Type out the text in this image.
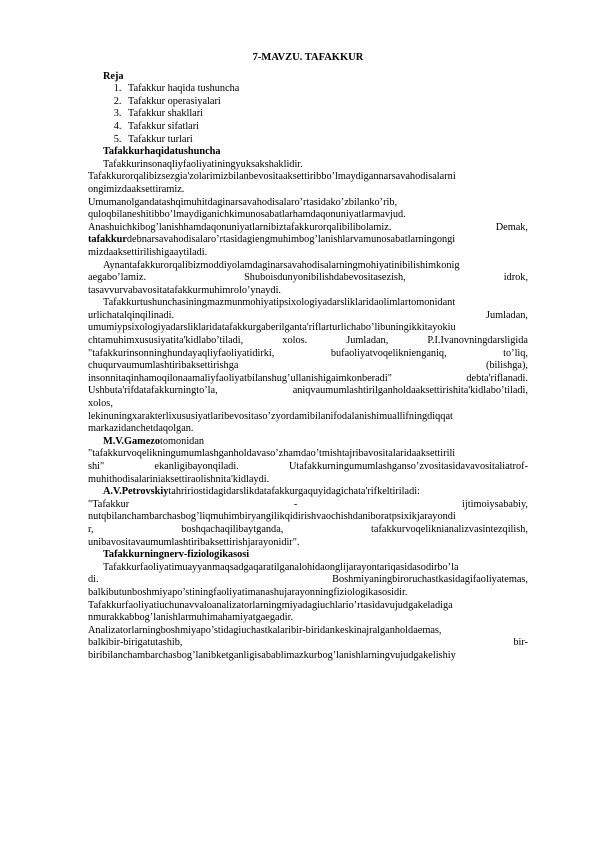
7-MAVZU. TAFAKKUR
Reja
1. Tafakkur haqida tushuncha
2. Tafakkur operasiyalari
3. Tafakkur shakllari
4. Tafakkur sifatlari
5. Tafakkur turlari
Tafakkurhaqidatushuncha

Tafakkurinsonaqliyfaoliyatiningyuksakshaklidir.

Tafakkurorqalibizsezgia'zolarimizbilanbevositaaksettiribbo’lmaydigannarsavahodisalarni

ongimizdaaksettiramiz.

Umumanolgandatashqimuhitdaginarsavahodisalaro’rtasidako’zbilanko’rib,

quloqbilaneshitibbo’lmaydiganichkimunosabatlarhamdaqonuniyatlarmavjud.

Anashuichkibog’lanishhamdaqonuniyatlarnibiztafakkurorqalibilibolamiz.	Demak,

tafakkurdebnarsavahodisalaro’rtasidagiengmuhimbog’lanishlarvamunosabatlarningongi

mizdaaksettirilishigaaytiladi.

Aynantafakkurorqalibizmoddiyolamdaginarsavahodisalarningmohiyatinibilishimkonig

aegabo’lamiz.	Shuboisdunyonibilishdabevositasezish,	idrok,

tasavvurvabavositatafakkurmuhimrolo’ynaydi.

Tafakkurtushunchasiningmazmunmohiyatipsixologiyadarsliklaridaolimlartomonidant

urlichatalqinqilinadi.	Jumladan,

umumiypsixologiyadarsliklaridatafakkurgaberilganta'riflarturlichabo’libuningikkitayokiu

chtamuhimxususiyatita'kidlabo’tiladi,	xolos.	Jumladan,	P.I.Ivanovningdarsligida

"tafakkurinsonninghundayaqliyfaoliyatidirki,	bufaoliyatvoqeliknienganiq,	to’liq,

chuqurvaumumlashtiribaksettirishga	(bilishga),

insonnitaqinhamoqilonaamaliyfaoliyatbilanshug’ullanishigaimkonberadi"	debta'riflanadi.

Ushbuta'rifdatafakkurningto’la,	aniqvaumumlashtirilganholdaaksettirishita'kidlabo’tiladi,

xolos,

lekinuningxarakterlixususiyatlaribevositaso’zyordamibilanifodalanishimuallifningdiqqat

markazidanchetdaqolgan.

M.V.Gamezotomonidan

"tafakkurvoqelikningumumlashganholdavaso’zhamdao’tmishtajribavositalaridaaksettirili

shi"	ekanligibayonqiladi.	Utafakkurningumumlashganso’zvositasidavavositaliatrof-

muhithodisalariniaksettiraolishnita'kidlaydi.

A.V.Petrovskiytahririostidagidarslikdatafakkurgaquyidagichata'rifkeltiriladi:

"Tafakkur	-	ijtimoiysababiy,

nutqbilanchambarchasbog’liqmuhimbiryangilikqidirishvaochishdaniboratpsixikjarayondi

r,	boshqachaqilibaytganda,	tafakkurvoqeliknianalizvasintezqilish,

unibavositavaumumlashtiribaksettirishjarayonidir".

Tafakkurningnerv-fiziologikasosi

Tafakkurfaoliyatimuayyanmaqsadgaqaratilganalohidaonglijarayontariqasidasodirbo’la

di.	Boshmiyaningbiroruchastkasidagifaoliyatemas,

balkibutunboshmiyapo’stiningfaoliyatimanashujarayonningfiziologikasosidir.

Tafakkurfaoliyatiuchunavvaloanalizatorlarningmiyadagiuchlario’rtasidavujudgakeladiga

nmurakkabbog’lanishlarmuhimahamiyatgaegadir.

Analizatorlarningboshmiyapo’stidagiuchastkalaribir-biridankeskinajralganholdaemas,

balkibir-birigatutashib,	bir-

biribilanchambarchasbog’lanibketganligisabablimazkurbog’lanishlarningvujudgakelishiy
